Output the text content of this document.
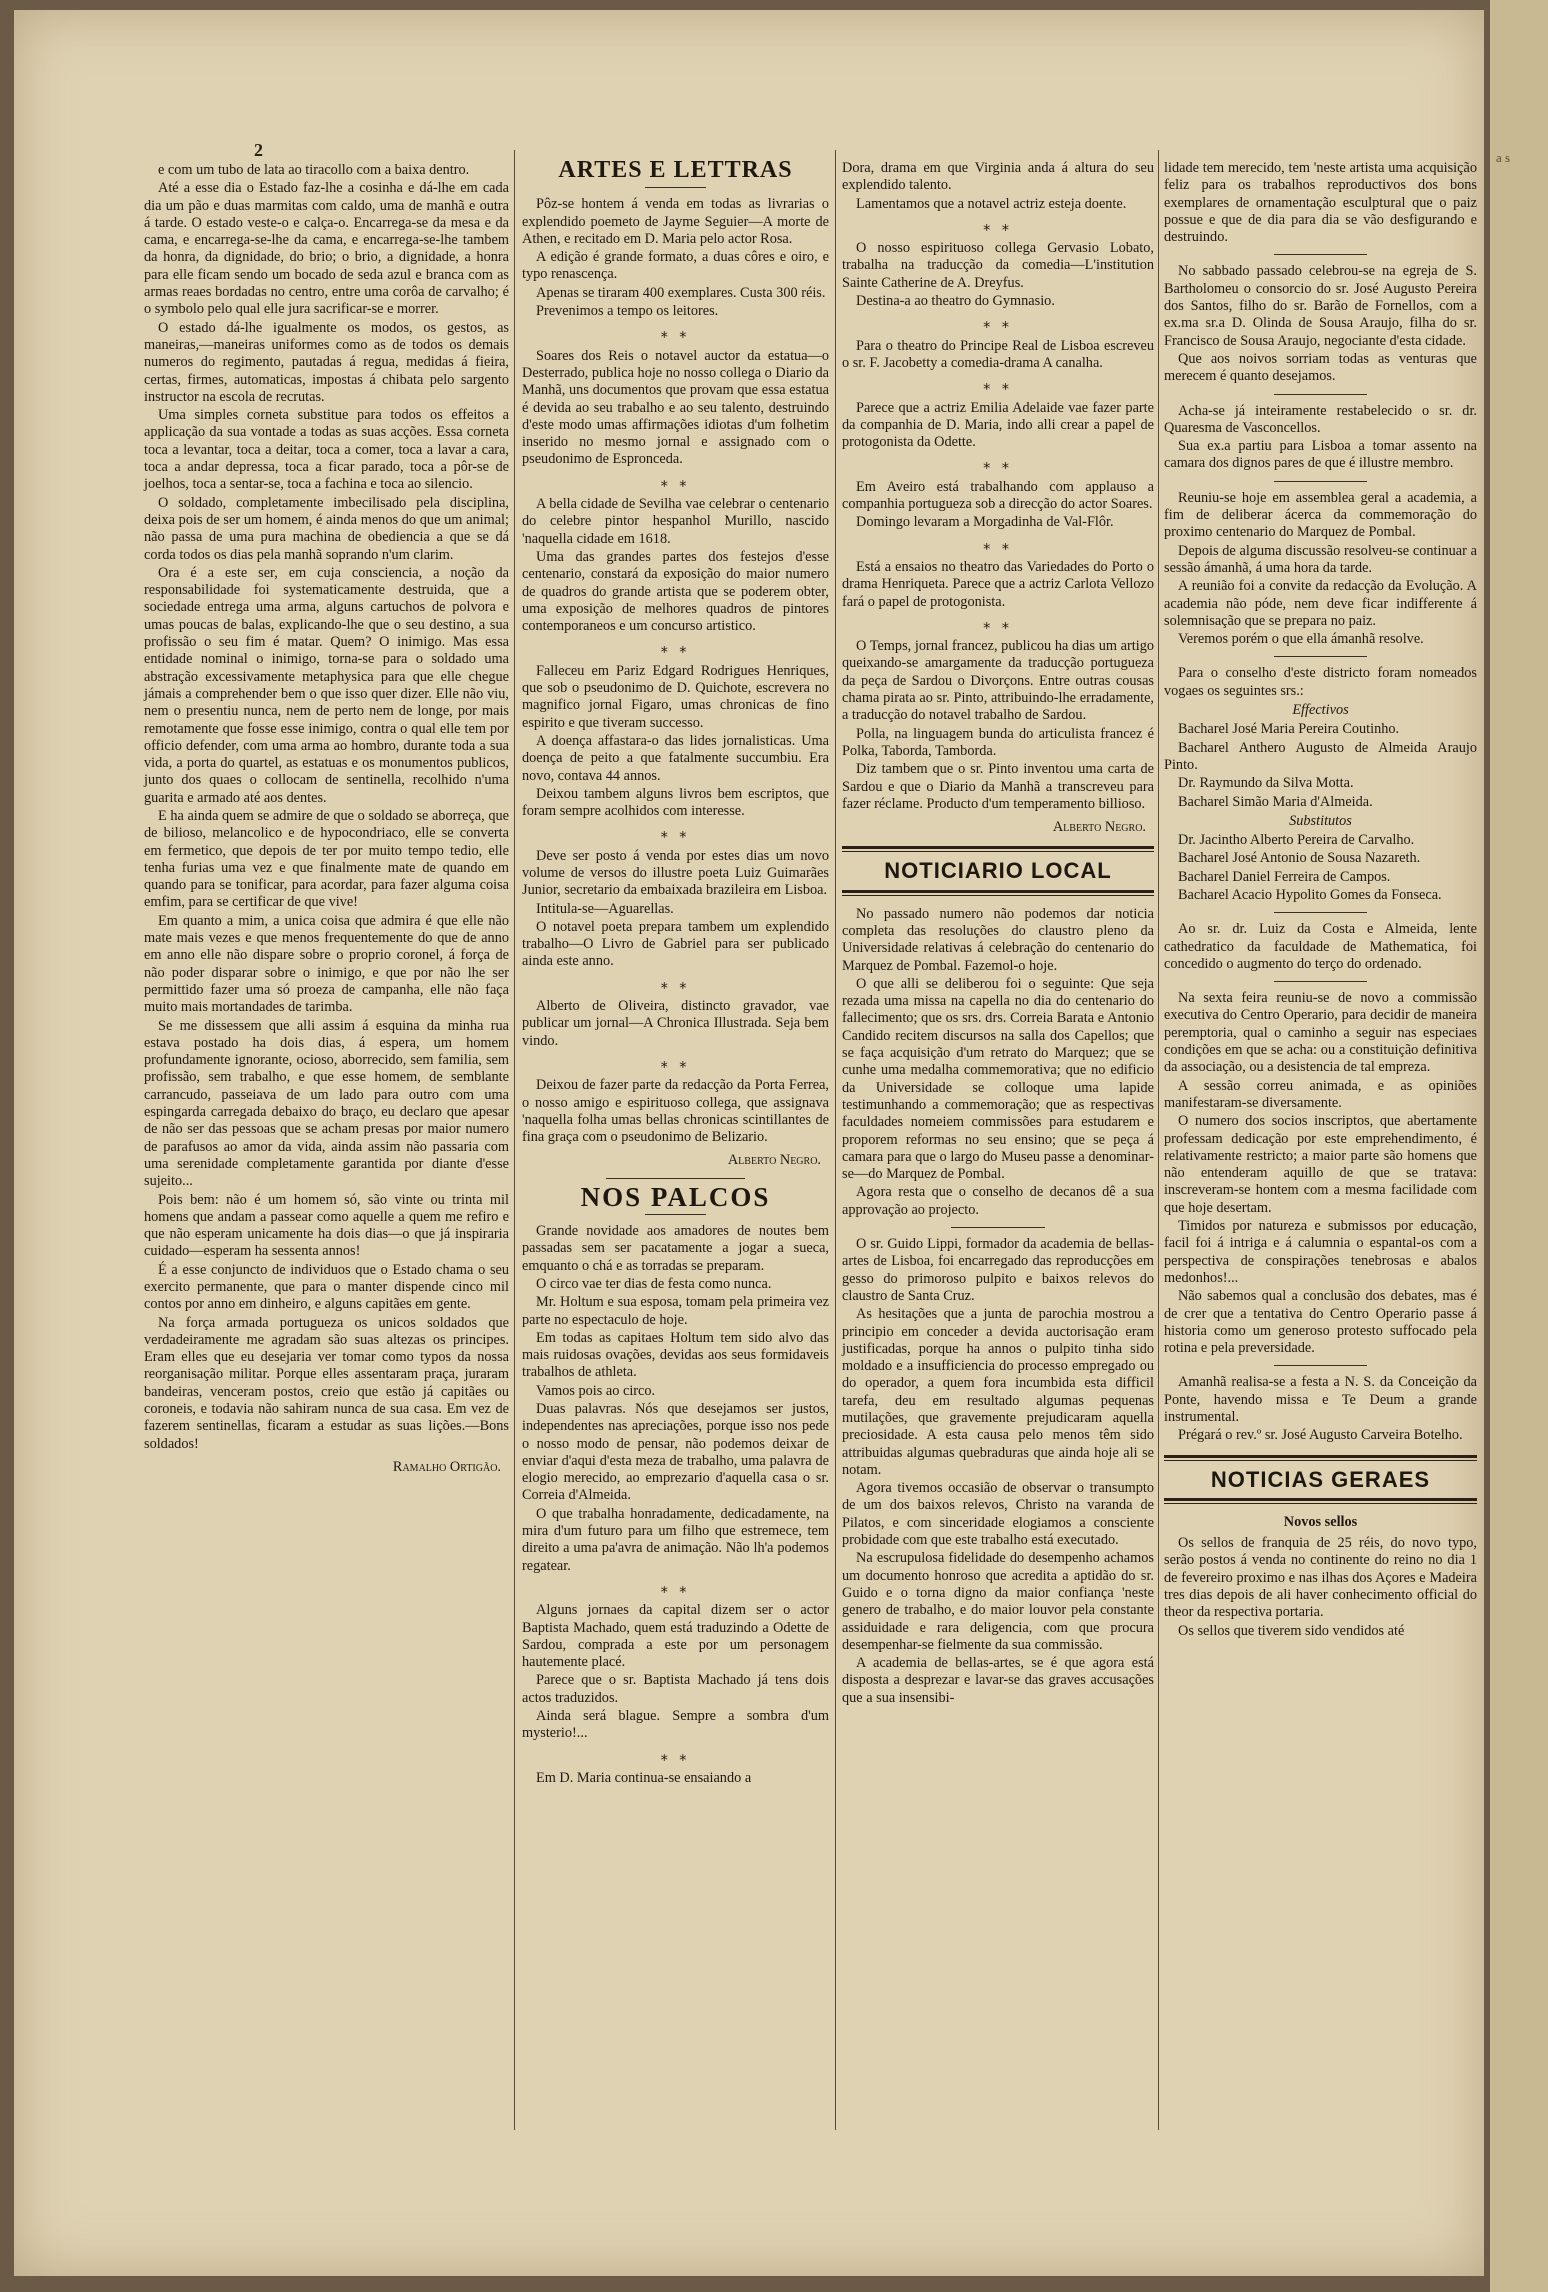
2

e com um tubo de lata ao tiracollo com a baixa dentro.

Até a esse dia o Estado faz-lhe a cosinha e dá-lhe em cada dia um pão e duas marmitas com caldo, uma de manhã e outra á tarde. O estado veste-o e calça-o. Encarrega-se da mesa e da cama, e encarrega-se-lhe da cama, e encarrega-se-lhe tambem da honra, da dignidade, do brio; o brio, a dignidade, a honra para elle ficam sendo um bocado de seda azul e branca com as armas reaes bordadas no centro, entre uma corôa de carvalho; é o symbolo pelo qual elle jura sacrificar-se e morrer.

O estado dá-lhe igualmente os modos, os gestos, as maneiras,—maneiras uniformes como as de todos os demais numeros do regimento, pautadas á regua, medidas á fieira, certas, firmes, automaticas, impostas á chibata pelo sargento instructor na escola de recrutas.

Uma simples corneta substitue para todos os effeitos a applicação da sua vontade a todas as suas acções. Essa corneta toca a levantar, toca a deitar, toca a comer, toca a lavar a cara, toca a andar depressa, toca a ficar parado, toca a pôr-se de joelhos, toca a sentar-se, toca a fachina e toca ao silencio.

O soldado, completamente imbecilisado pela disciplina, deixa pois de ser um homem, é ainda menos do que um animal; não passa de uma pura machina de obediencia a que se dá corda todos os dias pela manhã soprando n'um clarim.

Ora é a este ser, em cuja consciencia, a noção da responsabilidade foi systematicamente destruida, que a sociedade entrega uma arma, alguns cartuchos de polvora e umas poucas de balas, explicando-lhe que o seu destino, a sua profissão o seu fim é matar. Quem? O inimigo. Mas essa entidade nominal o inimigo, torna-se para o soldado uma abstração excessivamente metaphysica para que elle chegue jámais a comprehender bem o que isso quer dizer. Elle não viu, nem o presentiu nunca, nem de perto nem de longe, por mais remotamente que fosse esse inimigo, contra o qual elle tem por officio defender, com uma arma ao hombro, durante toda a sua vida, a porta do quartel, as estatuas e os monumentos publicos, junto dos quaes o collocam de sentinella, recolhido n'uma guarita e armado até aos dentes.

E ha ainda quem se admire de que o soldado se aborreça, que de bilioso, melancolico e de hypocondriaco, elle se converta em fermetico, que depois de ter por muito tempo tedio, elle tenha furias uma vez e que finalmente mate de quando em quando para se tonificar, para acordar, para fazer alguma coisa emfim, para se certificar de que vive!

Em quanto a mim, a unica coisa que admira é que elle não mate mais vezes e que menos frequentemente do que de anno em anno elle não dispare sobre o proprio coronel, á força de não poder disparar sobre o inimigo, e que por não lhe ser permittido fazer uma só proeza de campanha, elle não faça muito mais mortandades de tarimba.

Se me dissessem que alli assim á esquina da minha rua estava postado ha dois dias, á espera, um homem profundamente ignorante, ocioso, aborrecido, sem familia, sem profissão, sem trabalho, e que esse homem, de semblante carrancudo, passeiava de um lado para outro com uma espingarda carregada debaixo do braço, eu declaro que apesar de não ser das pessoas que se acham presas por maior numero de parafusos ao amor da vida, ainda assim não passaria com uma serenidade completamente garantida por diante d'esse sujeito...

Pois bem: não é um homem só, são vinte ou trinta mil homens que andam a passear como aquelle a quem me refiro e que não esperam unicamente ha dois dias—o que já inspiraria cuidado—esperam ha sessenta annos!

É a esse conjuncto de individuos que o Estado chama o seu exercito permanente, que para o manter dispende cinco mil contos por anno em dinheiro, e alguns capitães em gente.

Na força armada portugueza os unicos soldados que verdadeiramente me agradam são suas altezas os principes. Eram elles que eu desejaria ver tomar como typos da nossa reorganisação militar. Porque elles assentaram praça, juraram bandeiras, venceram postos, creio que estão já capitães ou coroneis, e todavia não sahiram nunca de sua casa. Em vez de fazerem sentinellas, ficaram a estudar as suas lições.—Bons soldados!

Ramalho Ortigão.

ARTES E LETTRAS

Pôz-se hontem á venda em todas as livrarias o explendido poemeto de Jayme Seguier—A morte de Athen, e recitado em D. Maria pelo actor Rosa.

A edição é grande formato, a duas côres e oiro, e typo renascença.

Apenas se tiraram 400 exemplares. Custa 300 réis.

Prevenimos a tempo os leitores.

⁎ ⁎

Soares dos Reis o notavel auctor da estatua—o Desterrado, publica hoje no nosso collega o Diario da Manhã, uns documentos que provam que essa estatua é devida ao seu trabalho e ao seu talento, destruindo d'este modo umas affirmações idiotas d'um folhetim inserido no mesmo jornal e assignado com o pseudonimo de Espronceda.

⁎ ⁎

A bella cidade de Sevilha vae celebrar o centenario do celebre pintor hespanhol Murillo, nascido 'naquella cidade em 1618.

Uma das grandes partes dos festejos d'esse centenario, constará da exposição do maior numero de quadros do grande artista que se poderem obter, uma exposição de melhores quadros de pintores contemporaneos e um concurso artistico.

⁎ ⁎

Falleceu em Pariz Edgard Rodrigues Henriques, que sob o pseudonimo de D. Quichote, escrevera no magnifico jornal Figaro, umas chronicas de fino espirito e que tiveram successo.

A doença affastara-o das lides jornalisticas. Uma doença de peito a que fatalmente succumbiu. Era novo, contava 44 annos.

Deixou tambem alguns livros bem escriptos, que foram sempre acolhidos com interesse.

⁎ ⁎

Deve ser posto á venda por estes dias um novo volume de versos do illustre poeta Luiz Guimarães Junior, secretario da embaixada brazileira em Lisboa.

Intitula-se—Aguarellas.

O notavel poeta prepara tambem um explendido trabalho—O Livro de Gabriel para ser publicado ainda este anno.

⁎ ⁎

Alberto de Oliveira, distincto gravador, vae publicar um jornal—A Chronica Illustrada. Seja bem vindo.

⁎ ⁎

Deixou de fazer parte da redacção da Porta Ferrea, o nosso amigo e espirituoso collega, que assignava 'naquella folha umas bellas chronicas scintillantes de fina graça com o pseudonimo de Belizario.

Alberto Negro.

NOS PALCOS

Grande novidade aos amadores de noutes bem passadas sem ser pacatamente a jogar a sueca, emquanto o chá e as torradas se preparam.

O circo vae ter dias de festa como nunca.

Mr. Holtum e sua esposa, tomam pela primeira vez parte no espectaculo de hoje.

Em todas as capitaes Holtum tem sido alvo das mais ruidosas ovações, devidas aos seus formidaveis trabalhos de athleta.

Vamos pois ao circo.

Duas palavras. Nós que desejamos ser justos, independentes nas apreciações, porque isso nos pede o nosso modo de pensar, não podemos deixar de enviar d'aqui d'esta meza de trabalho, uma palavra de elogio merecido, ao emprezario d'aquella casa o sr. Correia d'Almeida.

O que trabalha honradamente, dedicadamente, na mira d'um futuro para um filho que estremece, tem direito a uma pa'avra de animação. Não lh'a podemos regatear.

⁎ ⁎

Alguns jornaes da capital dizem ser o actor Baptista Machado, quem está traduzindo a Odette de Sardou, comprada a este por um personagem hautemente placé.

Parece que o sr. Baptista Machado já tens dois actos traduzidos.

Ainda será blague. Sempre a sombra d'um mysterio!...

⁎ ⁎

Em D. Maria continua-se ensaiando a

Dora, drama em que Virginia anda á altura do seu explendido talento.

Lamentamos que a notavel actriz esteja doente.

⁎ ⁎

O nosso espirituoso collega Gervasio Lobato, trabalha na traducção da comedia—L'institution Sainte Catherine de A. Dreyfus.

Destina-a ao theatro do Gymnasio.

⁎ ⁎

Para o theatro do Principe Real de Lisboa escreveu o sr. F. Jacobetty a comedia-drama A canalha.

⁎ ⁎

Parece que a actriz Emilia Adelaide vae fazer parte da companhia de D. Maria, indo alli crear a papel de protogonista da Odette.

⁎ ⁎

Em Aveiro está trabalhando com applauso a companhia portugueza sob a direcção do actor Soares.

Domingo levaram a Morgadinha de Val-Flôr.

⁎ ⁎

Está a ensaios no theatro das Variedades do Porto o drama Henriqueta. Parece que a actriz Carlota Vellozo fará o papel de protogonista.

⁎ ⁎

O Temps, jornal francez, publicou ha dias um artigo queixando-se amargamente da traducção portugueza da peça de Sardou o Divorçons. Entre outras cousas chama pirata ao sr. Pinto, attribuindo-lhe erradamente, a traducção do notavel trabalho de Sardou.

Polla, na linguagem bunda do articulista francez é Polka, Taborda, Tamborda.

Diz tambem que o sr. Pinto inventou uma carta de Sardou e que o Diario da Manhã a transcreveu para fazer réclame. Producto d'um temperamento billioso.

Alberto Negro.

NOTICIARIO LOCAL

No passado numero não podemos dar noticia completa das resoluções do claustro pleno da Universidade relativas á celebração do centenario do Marquez de Pombal. Fazemol-o hoje.

O que alli se deliberou foi o seguinte: Que seja rezada uma missa na capella no dia do centenario do fallecimento; que os srs. drs. Correia Barata e Antonio Candido recitem discursos na salla dos Capellos; que se faça acquisição d'um retrato do Marquez; que se cunhe uma medalha commemorativa; que no edificio da Universidade se colloque uma lapide testimunhando a commemoração; que as respectivas faculdades nomeiem commissões para estudarem e proporem reformas no seu ensino; que se peça á camara para que o largo do Museu passe a denominar-se—do Marquez de Pombal.

Agora resta que o conselho de decanos dê a sua approvação ao projecto.

O sr. Guido Lippi, formador da academia de bellas-artes de Lisboa, foi encarregado das reproducções em gesso do primoroso pulpito e baixos relevos do claustro de Santa Cruz.

As hesitações que a junta de parochia mostrou a principio em conceder a devida auctorisação eram justificadas, porque ha annos o pulpito tinha sido moldado e a insufficiencia do processo empregado ou do operador, a quem fora incumbida esta difficil tarefa, deu em resultado algumas pequenas mutilações, que gravemente prejudicaram aquella preciosidade. A esta causa pelo menos têm sido attribuidas algumas quebraduras que ainda hoje ali se notam.

Agora tivemos occasião de observar o transumpto de um dos baixos relevos, Christo na varanda de Pilatos, e com sinceridade elogiamos a consciente probidade com que este trabalho está executado.

Na escrupulosa fidelidade do desempenho achamos um documento honroso que acredita a aptidão do sr. Guido e o torna digno da maior confiança 'neste genero de trabalho, e do maior louvor pela constante assiduidade e rara deligencia, com que procura desempenhar-se fielmente da sua commissão.

A academia de bellas-artes, se é que agora está disposta a desprezar e lavar-se das graves accusações que a sua insensibi-

lidade tem merecido, tem 'neste artista uma acquisição feliz para os trabalhos reproductivos dos bons exemplares de ornamentação esculptural que o paiz possue e que de dia para dia se vão desfigurando e destruindo.

No sabbado passado celebrou-se na egreja de S. Bartholomeu o consorcio do sr. José Augusto Pereira dos Santos, filho do sr. Barão de Fornellos, com a ex.ma sr.a D. Olinda de Sousa Araujo, filha do sr. Francisco de Sousa Araujo, negociante d'esta cidade.

Que aos noivos sorriam todas as venturas que merecem é quanto desejamos.

Acha-se já inteiramente restabelecido o sr. dr. Quaresma de Vasconcellos.

Sua ex.a partiu para Lisboa a tomar assento na camara dos dignos pares de que é illustre membro.

Reuniu-se hoje em assemblea geral a academia, a fim de deliberar ácerca da commemoração do proximo centenario do Marquez de Pombal.

Depois de alguma discussão resolveu-se continuar a sessão ámanhã, á uma hora da tarde.

A reunião foi a convite da redacção da Evolução. A academia não póde, nem deve ficar indifferente á solemnisação que se prepara no paiz.

Veremos porém o que ella ámanhã resolve.

Para o conselho d'este districto foram nomeados vogaes os seguintes srs.:

Effectivos

Bacharel José Maria Pereira Coutinho.

Bacharel Anthero Augusto de Almeida Araujo Pinto.

Dr. Raymundo da Silva Motta.

Bacharel Simão Maria d'Almeida.

Substitutos

Dr. Jacintho Alberto Pereira de Carvalho.

Bacharel José Antonio de Sousa Nazareth.

Bacharel Daniel Ferreira de Campos.

Bacharel Acacio Hypolito Gomes da Fonseca.

Ao sr. dr. Luiz da Costa e Almeida, lente cathedratico da faculdade de Mathematica, foi concedido o augmento do terço do ordenado.

Na sexta feira reuniu-se de novo a commissão executiva do Centro Operario, para decidir de maneira peremptoria, qual o caminho a seguir nas especiaes condições em que se acha: ou a constituição definitiva da associação, ou a desistencia de tal empreza.

A sessão correu animada, e as opiniões manifestaram-se diversamente.

O numero dos socios inscriptos, que abertamente professam dedicação por este emprehendimento, é relativamente restricto; a maior parte são homens que não entenderam aquillo de que se tratava: inscreveram-se hontem com a mesma facilidade com que hoje desertam.

Timidos por natureza e submissos por educação, facil foi á intriga e á calumnia o espantal-os com a perspectiva de conspirações tenebrosas e abalos medonhos!...

Não sabemos qual a conclusão dos debates, mas é de crer que a tentativa do Centro Operario passe á historia como um generoso protesto suffocado pela rotina e pela preversidade.

Amanhã realisa-se a festa a N. S. da Conceição da Ponte, havendo missa e Te Deum a grande instrumental.

Prégará o rev.º sr. José Augusto Carveira Botelho.

NOTICIAS GERAES
Novos sellos

Os sellos de franquia de 25 réis, do novo typo, serão postos á venda no continente do reino no dia 1 de fevereiro proximo e nas ilhas dos Açores e Madeira tres dias depois de ali haver conhecimento official do theor da respectiva portaria.

Os sellos que tiverem sido vendidos até

a s
